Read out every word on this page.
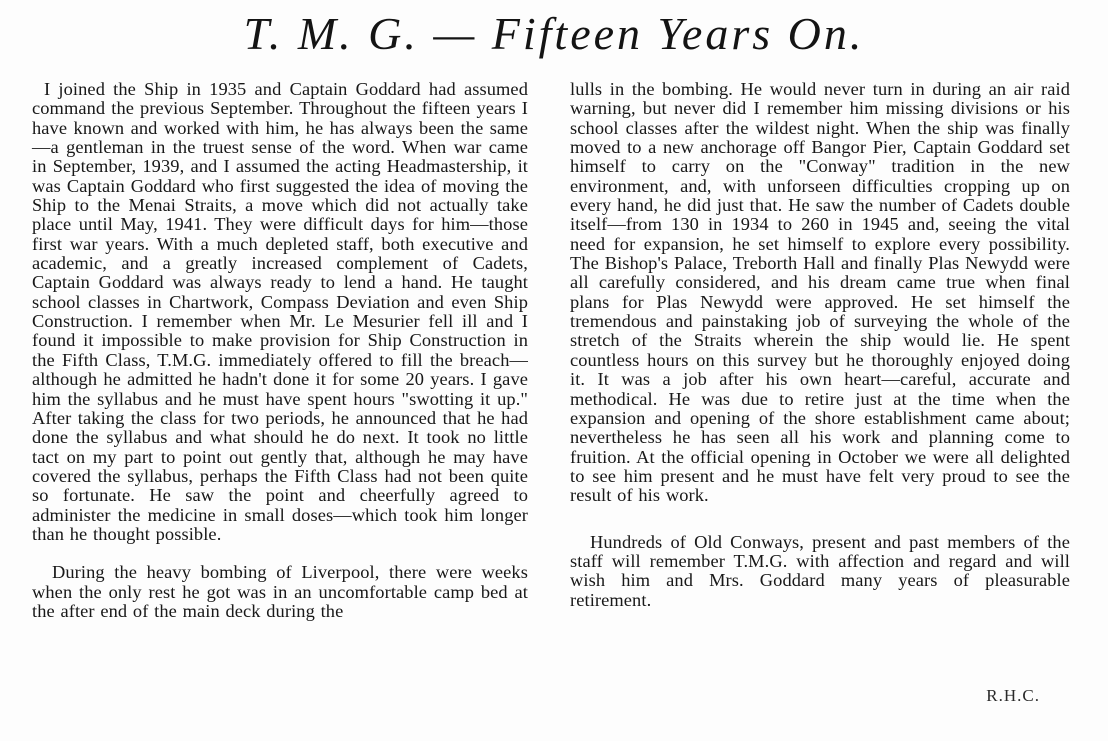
T. M. G. — Fifteen Years On.

I joined the Ship in 1935 and Captain Goddard had assumed command the previous September. Throughout the fifteen years I have known and worked with him, he has always been the same—a gentleman in the truest sense of the word. When war came in September, 1939, and I assumed the acting Headmastership, it was Captain Goddard who first suggested the idea of moving the Ship to the Menai Straits, a move which did not actually take place until May, 1941. They were difficult days for him—those first war years. With a much depleted staff, both executive and academic, and a greatly increased complement of Cadets, Captain Goddard was always ready to lend a hand. He taught school classes in Chartwork, Compass Deviation and even Ship Construction. I remember when Mr. Le Mesurier fell ill and I found it impossible to make provision for Ship Construction in the Fifth Class, T.M.G. immediately offered to fill the breach—although he admitted he hadn't done it for some 20 years. I gave him the syllabus and he must have spent hours "swotting it up." After taking the class for two periods, he announced that he had done the syllabus and what should he do next. It took no little tact on my part to point out gently that, although he may have covered the syllabus, perhaps the Fifth Class had not been quite so fortunate. He saw the point and cheerfully agreed to administer the medicine in small doses—which took him longer than he thought possible.

During the heavy bombing of Liverpool, there were weeks when the only rest he got was in an uncomfortable camp bed at the after end of the main deck during the

lulls in the bombing. He would never turn in during an air raid warning, but never did I remember him missing divisions or his school classes after the wildest night. When the ship was finally moved to a new anchorage off Bangor Pier, Captain Goddard set himself to carry on the "Conway" tradition in the new environment, and, with unforseen difficulties cropping up on every hand, he did just that. He saw the number of Cadets double itself—from 130 in 1934 to 260 in 1945 and, seeing the vital need for expansion, he set himself to explore every possibility. The Bishop's Palace, Treborth Hall and finally Plas Newydd were all carefully considered, and his dream came true when final plans for Plas Newydd were approved. He set himself the tremendous and painstaking job of surveying the whole of the stretch of the Straits wherein the ship would lie. He spent countless hours on this survey but he thoroughly enjoyed doing it. It was a job after his own heart—careful, accurate and methodical. He was due to retire just at the time when the expansion and opening of the shore establishment came about; nevertheless he has seen all his work and planning come to fruition. At the official opening in October we were all delighted to see him present and he must have felt very proud to see the result of his work.

Hundreds of Old Conways, present and past members of the staff will remember T.M.G. with affection and regard and will wish him and Mrs. Goddard many years of pleasurable retirement.

R.H.C.
